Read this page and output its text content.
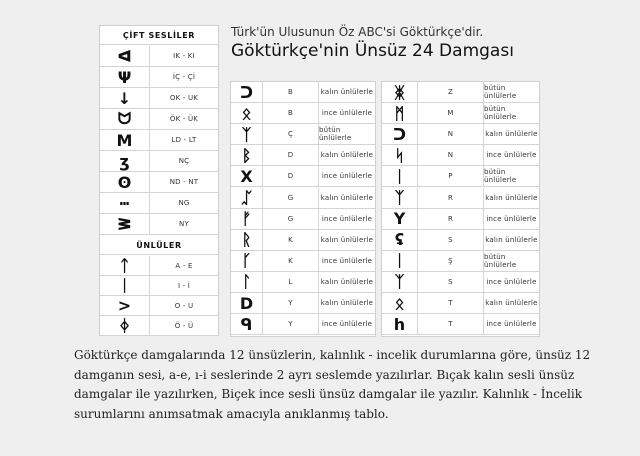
Türk'ün Ulusunun Öz ABC'si Göktürkçe'dir.
Göktürkçe'nin Ünsüz 24 Damgası
ÇİFT SESLİLER
ᐊ	IK - KI
Ψ	İÇ - Çİ
↓	OK - UK
ᗢ	ÖK - ÜK
M	LD - LT
ʒ	NÇ
ʘ	ND - NT
ⵈ	NG
ᕒ	NY
ÜNLÜLER
ᛏ	A - E
ᛁ	I - İ
>	O - U
ᛄ	Ö - Ü
ᑐ	B	kalın ünlülerle
ᛟ	B	ince ünlülerle
ᛉ	Ç	bütün ünlülerle
ᛒ	D	kalın ünlülerle
X	D	ince ünlülerle
ᛢ	G	kalın ünlülerle
ᚠ	G	ince ünlülerle
ᚱ	K	kalın ünlülerle
ᚴ	K	ince ünlülerle
ᛚ	L	kalın ünlülerle
D	Y	kalın ünlülerle
ᑫ	Y	ince ünlülerle
ᛤ	Z	bütün ünlülerle
ᛗ	M	bütün ünlülerle
ᑐ	N	kalın ünlülerle
ᛋ	N	ince ünlülerle
ᛁ	P	bütün ünlülerle
ᛉ	R	kalın ünlülerle
Y	R	ince ünlülerle
ʢ	S	kalın ünlülerle
ᛁ	Ş	bütün ünlülerle
ᛉ	S	ince ünlülerle
ᛟ	T	kalın ünlülerle
h	T	ince ünlülerle
Göktürkçe damgalarında 12 ünsüzlerin, kalınlık - incelik durumlarına göre, ünsüz 12 damganın sesi, a-e, ı-i seslerinde 2 ayrı seslemde yazılırlar. Bıçak kalın sesli ünsüz damgalar ile yazılırken, Biçek ince sesli ünsüz damgalar ile yazılır. Kalınlık - İncelik surumlarını anımsatmak amacıyla anıklanmış tablo.
